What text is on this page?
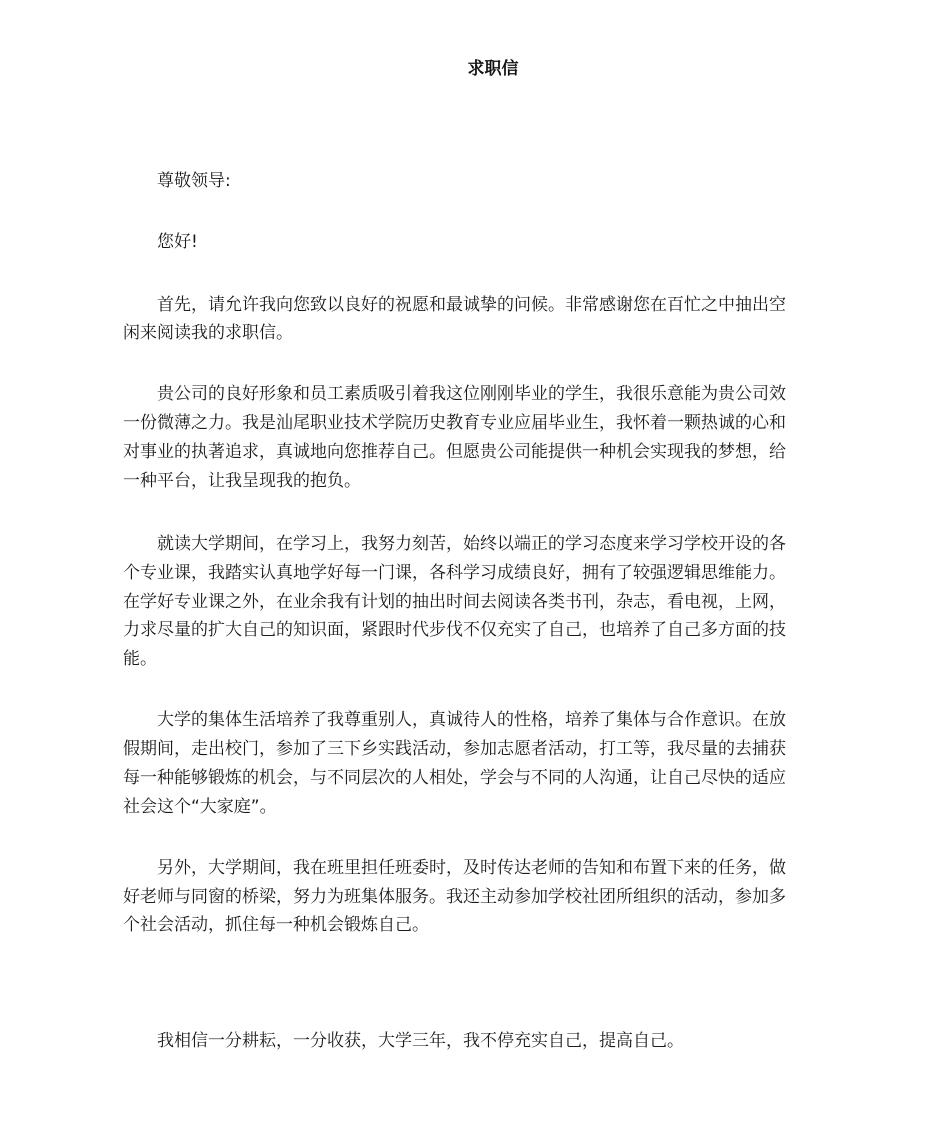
求职信
尊敬领导:
您好!
首先，请允许我向您致以良好的祝愿和最诚挚的问候。非常感谢您在百忙之中抽出空
闲来阅读我的求职信。
贵公司的良好形象和员工素质吸引着我这位刚刚毕业的学生，我很乐意能为贵公司效
一份微薄之力。我是汕尾职业技术学院历史教育专业应届毕业生，我怀着一颗热诚的心和
对事业的执著追求，真诚地向您推荐自己。但愿贵公司能提供一种机会实现我的梦想，给
一种平台，让我呈现我的抱负。
就读大学期间，在学习上，我努力刻苦，始终以端正的学习态度来学习学校开设的各
个专业课，我踏实认真地学好每一门课，各科学习成绩良好，拥有了较强逻辑思维能力。
在学好专业课之外，在业余我有计划的抽出时间去阅读各类书刊，杂志，看电视，上网，
力求尽量的扩大自己的知识面，紧跟时代步伐不仅充实了自己，也培养了自己多方面的技
能。
大学的集体生活培养了我尊重别人，真诚待人的性格，培养了集体与合作意识。在放
假期间，走出校门，参加了三下乡实践活动，参加志愿者活动，打工等，我尽量的去捕获
每一种能够锻炼的机会，与不同层次的人相处，学会与不同的人沟通，让自己尽快的适应
社会这个“大家庭”。
另外，大学期间，我在班里担任班委时，及时传达老师的告知和布置下来的任务，做
好老师与同窗的桥梁，努力为班集体服务。我还主动参加学校社团所组织的活动，参加多
个社会活动，抓住每一种机会锻炼自己。
我相信一分耕耘，一分收获，大学三年，我不停充实自己，提高自己。
